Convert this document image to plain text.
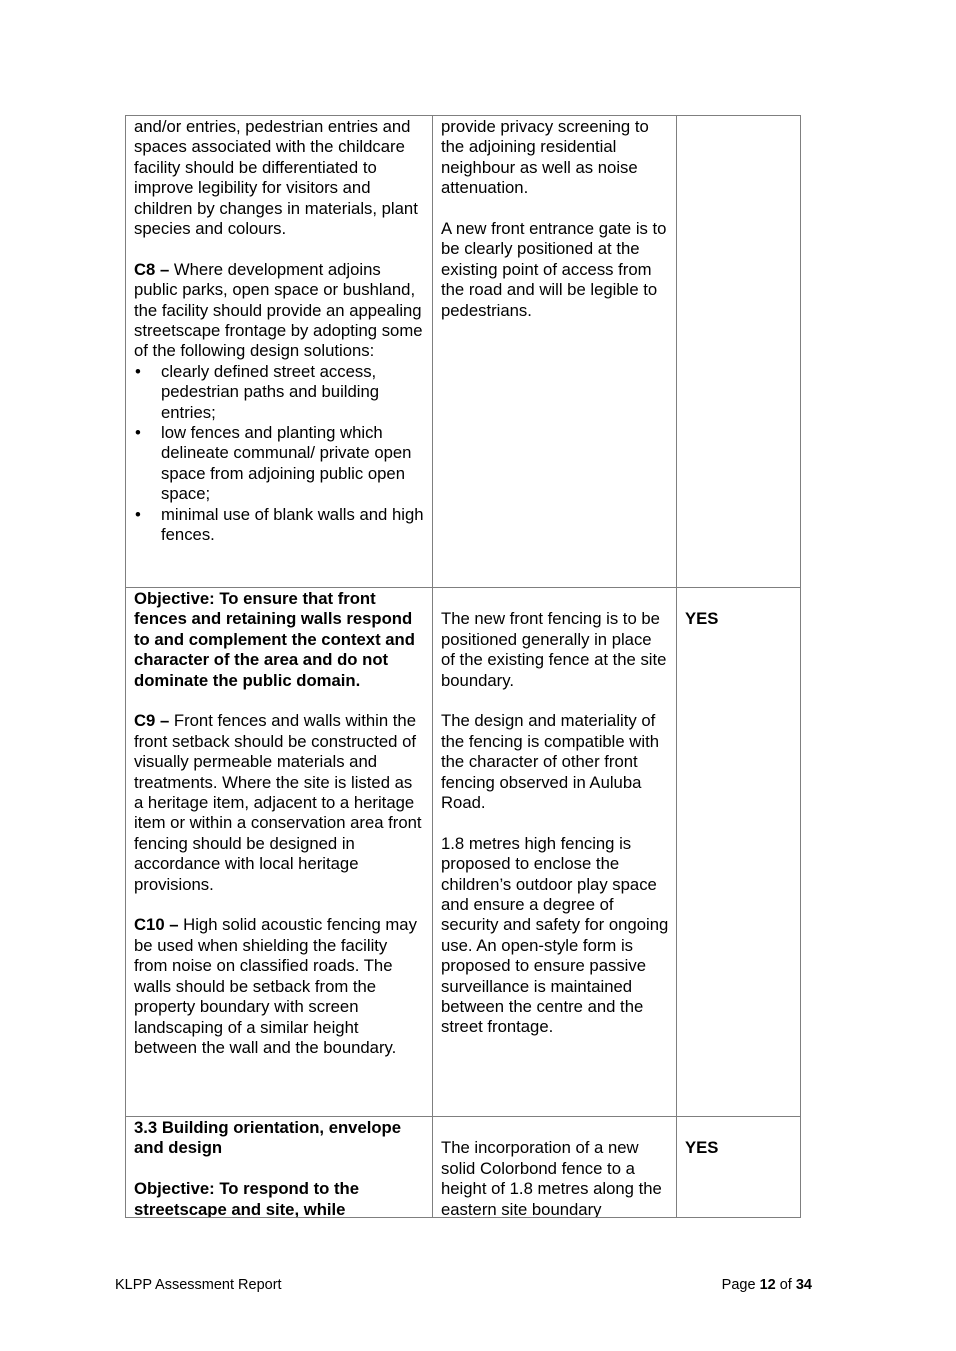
and/or entries, pedestrian entries and spaces associated with the childcare facility should be differentiated to improve legibility for visitors and children by changes in materials, plant species and colours.

C8 – Where development adjoins public parks, open space or bushland, the facility should provide an appealing streetscape frontage by adopting some of the following design solutions:

• clearly defined street access, pedestrian paths and building entries;
• low fences and planting which delineate communal/ private open space from adjoining public open space;
• minimal use of blank walls and high fences.

provide privacy screening to the adjoining residential neighbour as well as noise attenuation.

A new front entrance gate is to be clearly positioned at the existing point of access from the road and will be legible to pedestrians.

Objective: To ensure that front fences and retaining walls respond to and complement the context and character of the area and do not dominate the public domain.

C9 – Front fences and walls within the front setback should be constructed of visually permeable materials and treatments. Where the site is listed as a heritage item, adjacent to a heritage item or within a conservation area front fencing should be designed in accordance with local heritage provisions.

C10 – High solid acoustic fencing may be used when shielding the facility from noise on classified roads. The walls should be setback from the property boundary with screen landscaping of a similar height between the wall and the boundary.

The new front fencing is to be positioned generally in place of the existing fence at the site boundary.

The design and materiality of the fencing is compatible with the character of other front fencing observed in Auluba Road.

1.8 metres high fencing is proposed to enclose the children’s outdoor play space and ensure a degree of security and safety for ongoing use. An open-style form is proposed to ensure passive surveillance is maintained between the centre and the street frontage.

YES

3.3 Building orientation, envelope and design

Objective: To respond to the streetscape and site, while

The incorporation of a new solid Colorbond fence to a height of 1.8 metres along the eastern site boundary

YES
KLPP Assessment Report	Page 12 of 34
